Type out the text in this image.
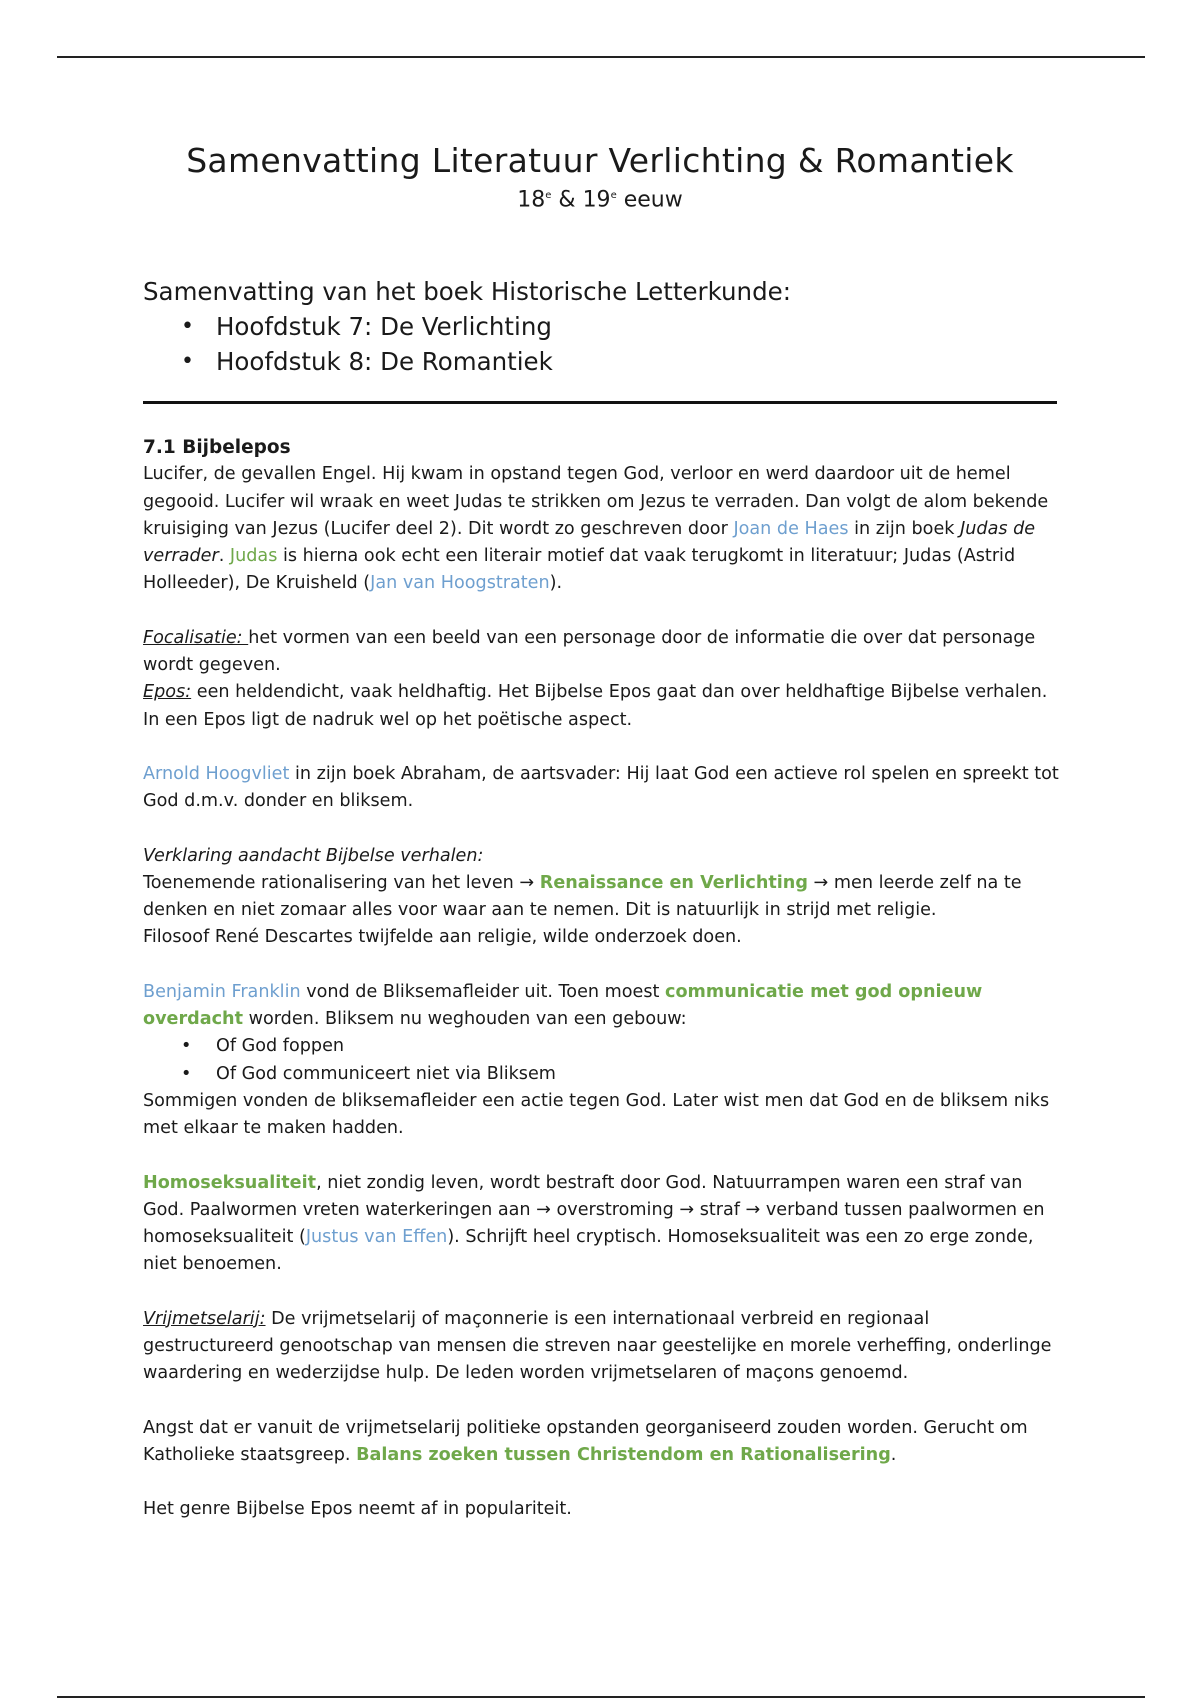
Samenvatting Literatuur Verlichting & Romantiek
18e & 19e eeuw
Samenvatting van het boek Historische Letterkunde:
• Hoofdstuk 7: De Verlichting
• Hoofdstuk 8: De Romantiek

7.1 Bijbelepos

Lucifer, de gevallen Engel. Hij kwam in opstand tegen God, verloor en werd daardoor uit de hemel gegooid. Lucifer wil wraak en weet Judas te strikken om Jezus te verraden. Dan volgt de alom bekende kruisiging van Jezus (Lucifer deel 2). Dit wordt zo geschreven door Joan de Haes in zijn boek Judas de verrader. Judas is hierna ook echt een literair motief dat vaak terugkomt in literatuur; Judas (Astrid Holleeder), De Kruisheld (Jan van Hoogstraten).

Focalisatie: het vormen van een beeld van een personage door de informatie die over dat personage wordt gegeven.

Epos: een heldendicht, vaak heldhaftig. Het Bijbelse Epos gaat dan over heldhaftige Bijbelse verhalen. In een Epos ligt de nadruk wel op het poëtische aspect.

Arnold Hoogvliet in zijn boek Abraham, de aartsvader: Hij laat God een actieve rol spelen en spreekt tot God d.m.v. donder en bliksem.

Verklaring aandacht Bijbelse verhalen:

Toenemende rationalisering van het leven → Renaissance en Verlichting → men leerde zelf na te denken en niet zomaar alles voor waar aan te nemen. Dit is natuurlijk in strijd met religie.

Filosoof René Descartes twijfelde aan religie, wilde onderzoek doen.

Benjamin Franklin vond de Bliksemafleider uit. Toen moest communicatie met god opnieuw overdacht worden. Bliksem nu weghouden van een gebouw:

• Of God foppen
• Of God communiceert niet via Bliksem

Sommigen vonden de bliksemafleider een actie tegen God. Later wist men dat God en de bliksem niks met elkaar te maken hadden.

Homoseksualiteit, niet zondig leven, wordt bestraft door God. Natuurrampen waren een straf van God. Paalwormen vreten waterkeringen aan → overstroming → straf → verband tussen paalwormen en homoseksualiteit (Justus van Effen). Schrijft heel cryptisch. Homoseksualiteit was een zo erge zonde, niet benoemen.

Vrijmetselarij: De vrijmetselarij of maçonnerie is een internationaal verbreid en regionaal gestructureerd genootschap van mensen die streven naar geestelijke en morele verheffing, onderlinge waardering en wederzijdse hulp. De leden worden vrijmetselaren of maçons genoemd.

Angst dat er vanuit de vrijmetselarij politieke opstanden georganiseerd zouden worden. Gerucht om Katholieke staatsgreep. Balans zoeken tussen Christendom en Rationalisering.

Het genre Bijbelse Epos neemt af in populariteit.
